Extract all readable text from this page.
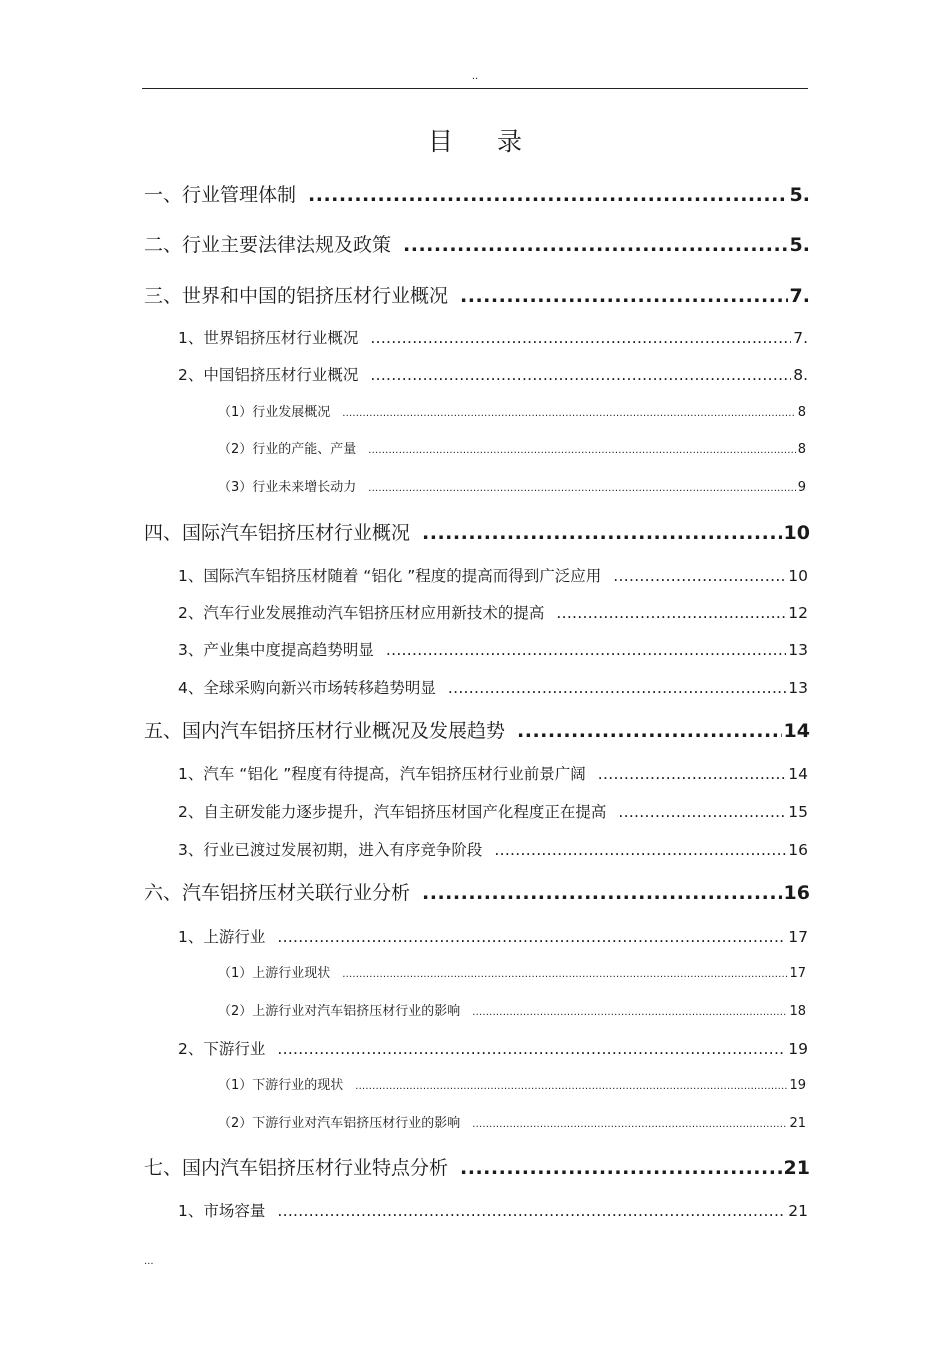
..
目 录
一、行业管理体制 .....	5.
二、行业主要法律法规及政策 .....	5.
三、世界和中国的铝挤压材行业概况 .....	7.
1、世界铝挤压材行业概况 .....	7.
2、中国铝挤压材行业概况 .....	8.
（1）行业发展概况 .....	8
（2）行业的产能、产量 .....	8
（3）行业未来增长动力 .....	9
四、国际汽车铝挤压材行业概况 .....	10
1、国际汽车铝挤压材随着 “铝化 ”程度的提高而得到广泛应用 .....	10
2、汽车行业发展推动汽车铝挤压材应用新技术的提高 .....	12
3、产业集中度提高趋势明显 .....	13
4、全球采购向新兴市场转移趋势明显 .....	13
五、国内汽车铝挤压材行业概况及发展趋势 .....	14
1、汽车 “铝化 ”程度有待提高，汽车铝挤压材行业前景广阔 .....	14
2、自主研发能力逐步提升，汽车铝挤压材国产化程度正在提高 .....	15
3、行业已渡过发展初期，进入有序竞争阶段 .....	16
六、汽车铝挤压材关联行业分析 .....	16
1、上游行业 .....	17
（1）上游行业现状 .....	17
（2）上游行业对汽车铝挤压材行业的影响 .....	18
2、下游行业 .....	19
（1）下游行业的现状 .....	19
（2）下游行业对汽车铝挤压材行业的影响 .....	21
七、国内汽车铝挤压材行业特点分析 .....	21
1、市场容量 .....	21
...
